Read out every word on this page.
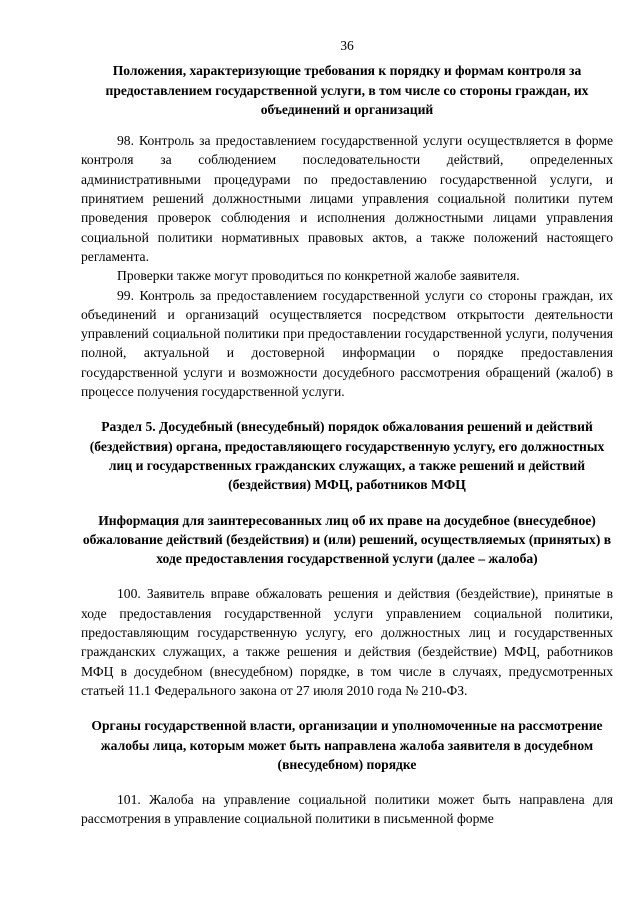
36

Положения, характеризующие требования к порядку и формам контроля за предоставлением государственной услуги, в том числе со стороны граждан, их объединений и организаций

98. Контроль за предоставлением государственной услуги осуществляется в форме контроля за соблюдением последовательности действий, определенных административными процедурами по предоставлению государственной услуги, и принятием решений должностными лицами управления социальной политики путем проведения проверок соблюдения и исполнения должностными лицами управления социальной политики нормативных правовых актов, а также положений настоящего регламента.

Проверки также могут проводиться по конкретной жалобе заявителя.

99. Контроль за предоставлением государственной услуги со стороны граждан, их объединений и организаций осуществляется посредством открытости деятельности управлений социальной политики при предоставлении государственной услуги, получения полной, актуальной и достоверной информации о порядке предоставления государственной услуги и возможности досудебного рассмотрения обращений (жалоб) в процессе получения государственной услуги.

Раздел 5. Досудебный (внесудебный) порядок обжалования решений и действий (бездействия) органа, предоставляющего государственную услугу, его должностных лиц и государственных гражданских служащих, а также решений и действий (бездействия) МФЦ, работников МФЦ

Информация для заинтересованных лиц об их праве на досудебное (внесудебное) обжалование действий (бездействия) и (или) решений, осуществляемых (принятых) в ходе предоставления государственной услуги (далее – жалоба)

100. Заявитель вправе обжаловать решения и действия (бездействие), принятые в ходе предоставления государственной услуги управлением социальной политики, предоставляющим государственную услугу, его должностных лиц и государственных гражданских служащих, а также решения и действия (бездействие) МФЦ, работников МФЦ в досудебном (внесудебном) порядке, в том числе в случаях, предусмотренных статьей 11.1 Федерального закона от 27 июля 2010 года № 210-ФЗ.

Органы государственной власти, организации и уполномоченные на рассмотрение жалобы лица, которым может быть направлена жалоба заявителя в досудебном (внесудебном) порядке

101. Жалоба на управление социальной политики может быть направлена для рассмотрения в управление социальной политики в письменной форме
